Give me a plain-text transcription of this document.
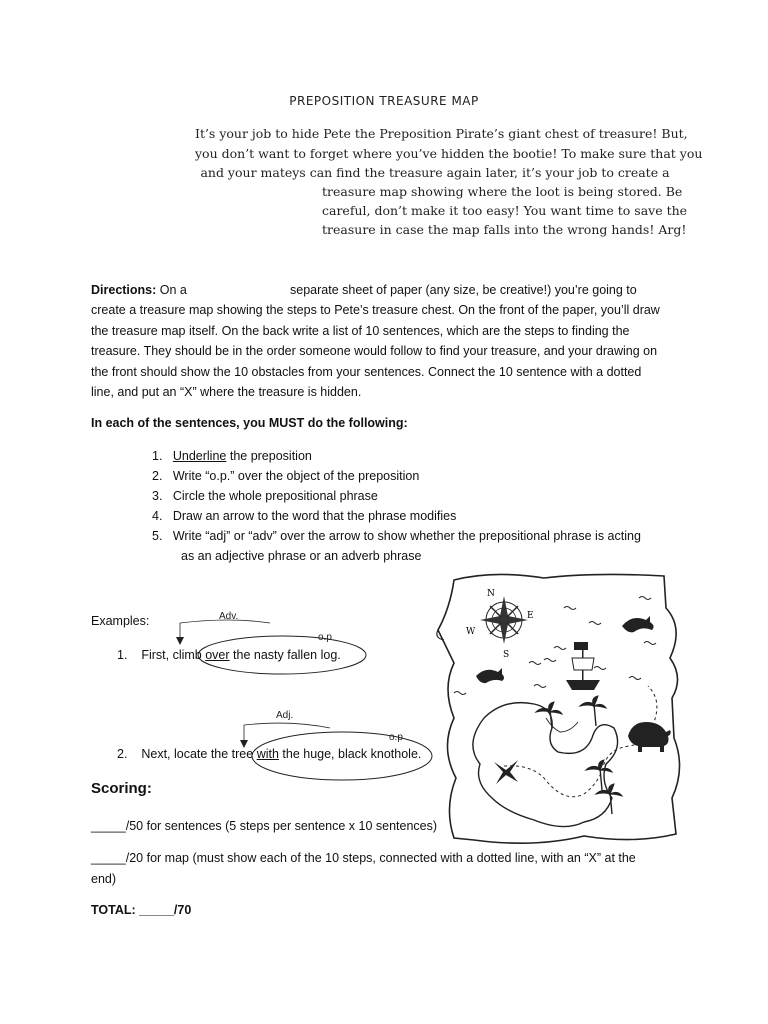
PREPOSITION TREASURE MAP
It’s your job to hide Pete the Preposition Pirate’s giant chest of treasure! But,
you don’t want to forget where you’ve hidden the bootie! To make sure that you
and your mateys can find the treasure again later, it’s your job to create a
treasure map showing where the loot is being stored. Be
careful, don’t make it too easy! You want time to save the
treasure in case the map falls into the wrong hands! Arg!
Directions: On a	separate sheet of paper (any size, be creative!) you’re going to
create a treasure map showing the steps to Pete’s treasure chest. On the front of the paper, you’ll draw
the treasure map itself. On the back write a list of 10 sentences, which are the steps to finding the
treasure. They should be in the order someone would follow to find your treasure, and your drawing on
the front should show the 10 obstacles from your sentences. Connect the 10 sentence with a dotted
line, and put an “X” where the treasure is hidden.
In each of the sentences, you MUST do the following:
1. Underline the preposition
2. Write “o.p.” over the object of the preposition
3. Circle the whole prepositional phrase
4. Draw an arrow to the word that the phrase modifies
5. Write “adj” or “adv” over the arrow to show whether the prepositional phrase is acting
as an adjective phrase or an adverb phrase
Examples:	Adv.
o.p
1. First, climb over the nasty fallen log.
Adj.
o.p
2. Next, locate the tree with the huge, black knothole.
Scoring:
_____/50 for sentences (5 steps per sentence x 10 sentences)
_____/20 for map (must show each of the 10 steps, connected with a dotted line, with an “X” at the
end)
TOTAL: _____/70
N
E
S
W
